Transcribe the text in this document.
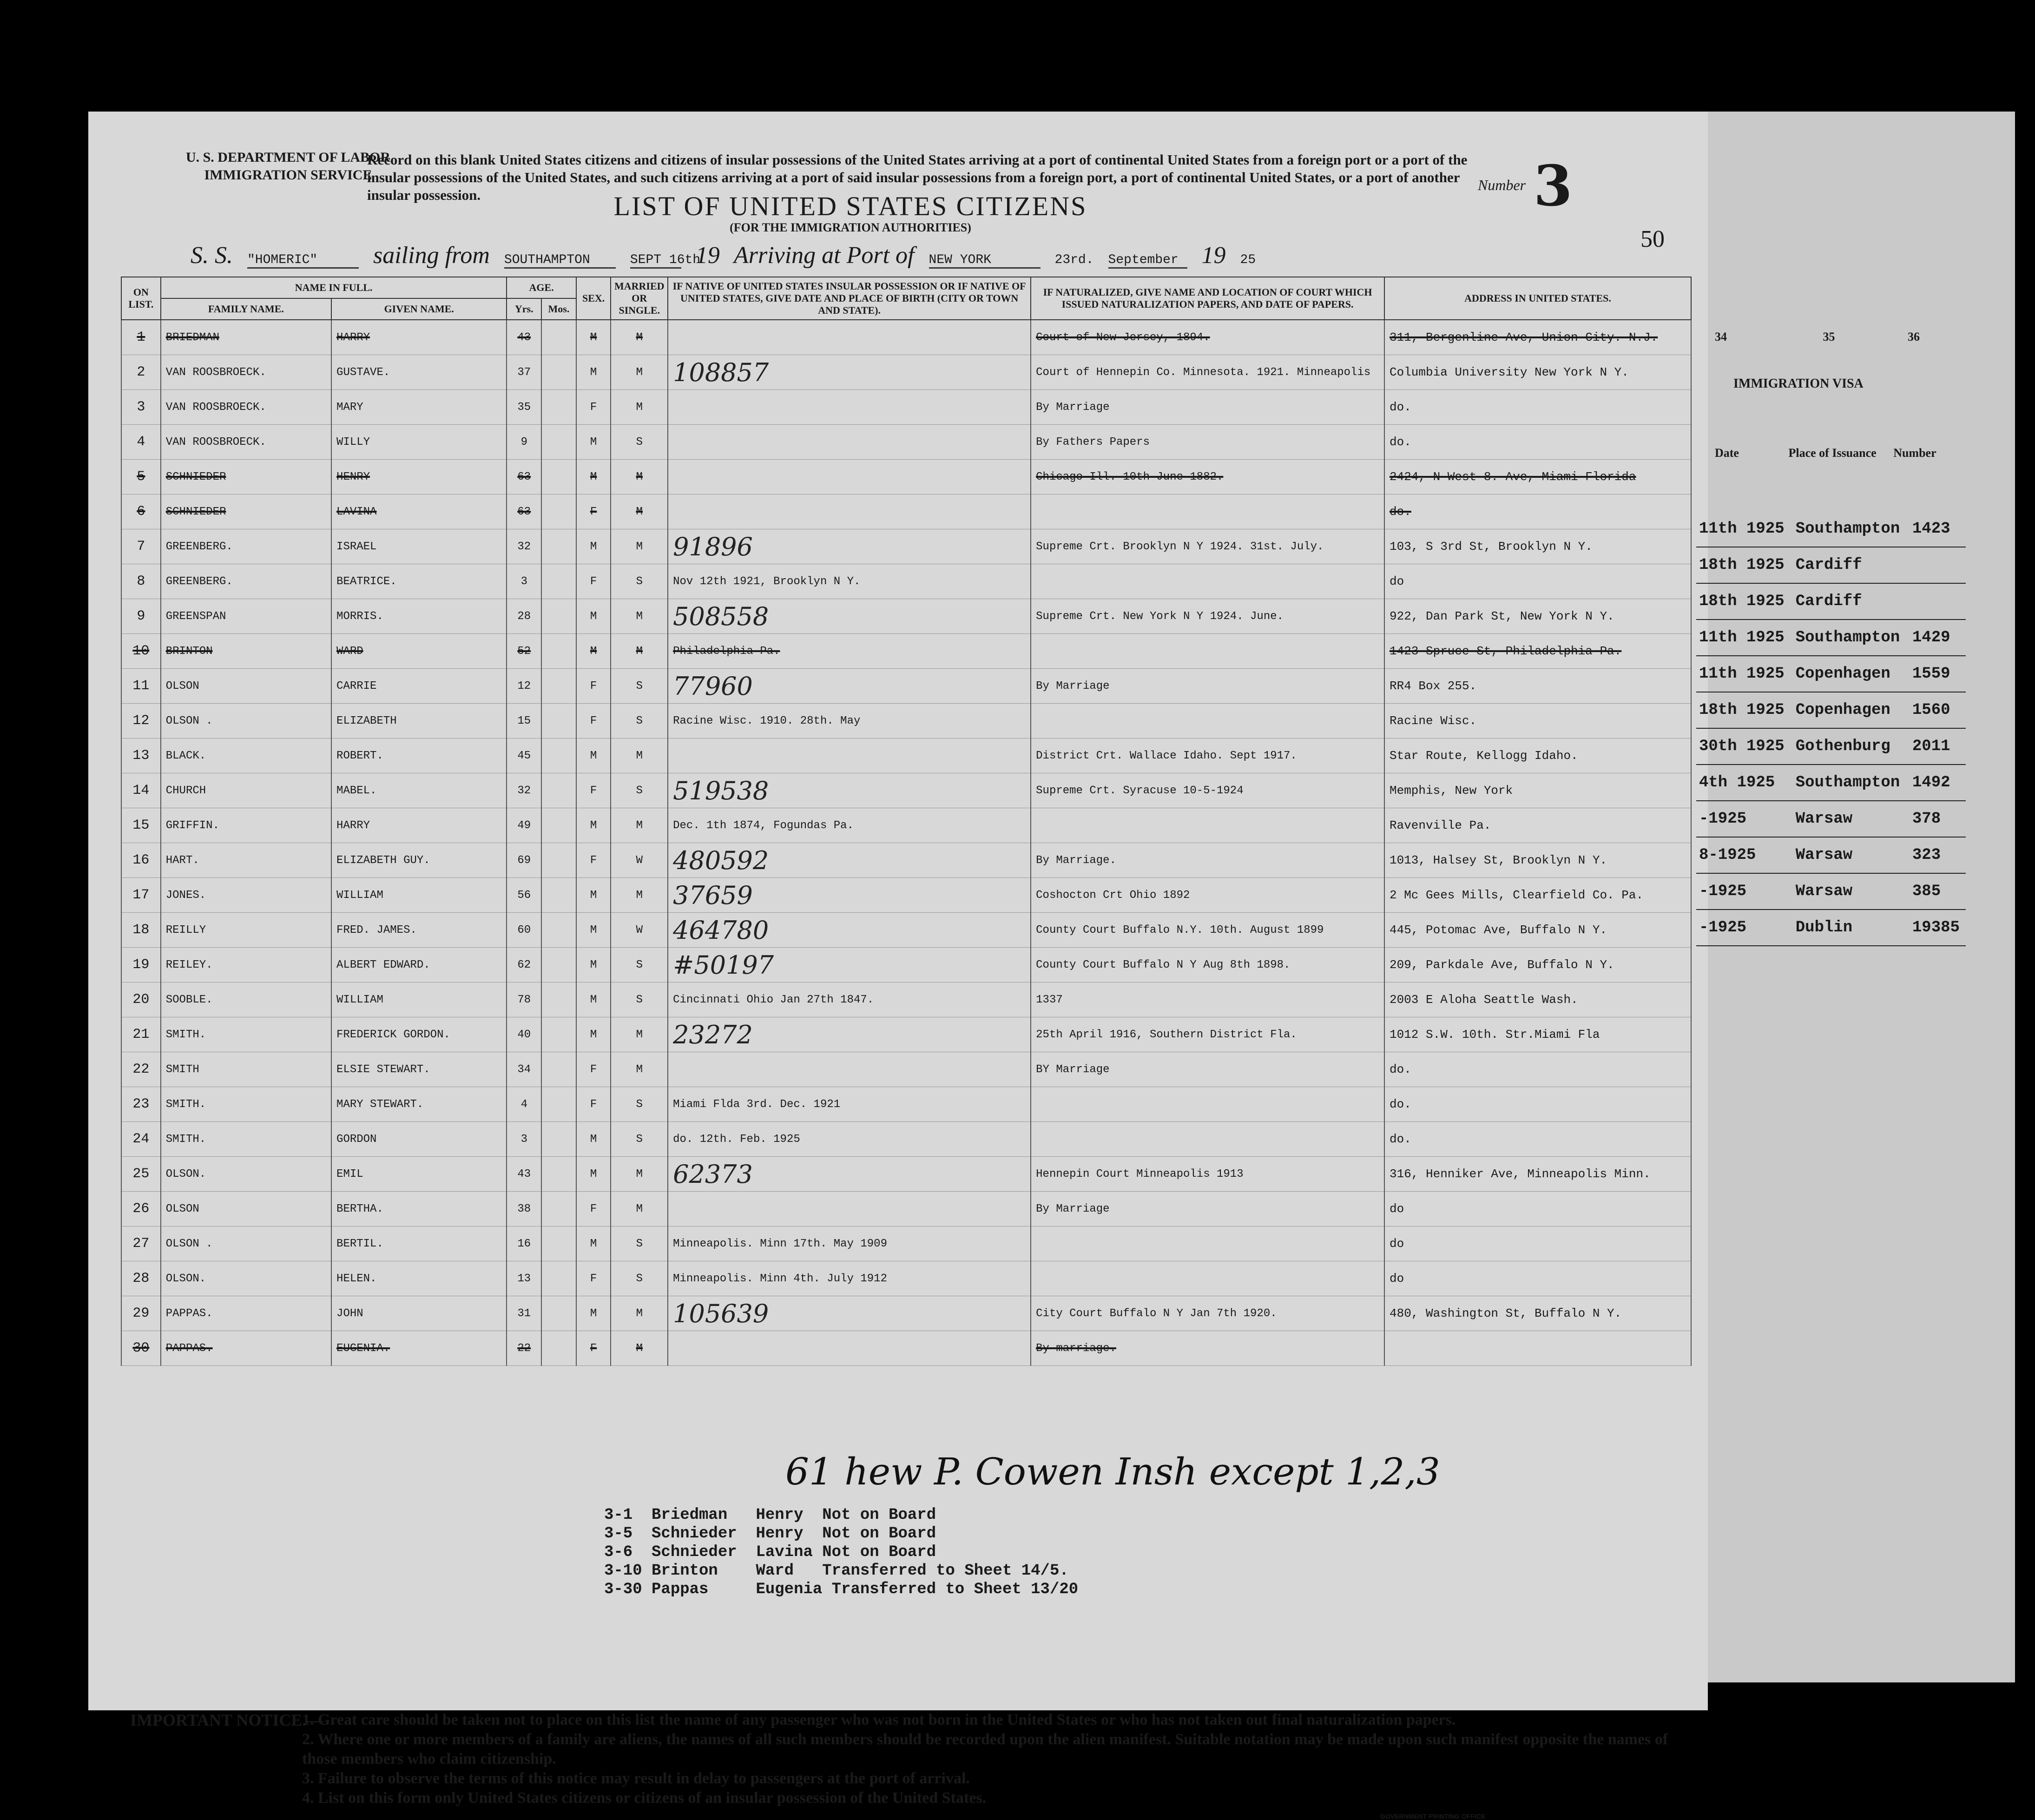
U. S. DEPARTMENT OF LABOR
IMMIGRATION SERVICE
Record on this blank United States citizens and citizens of insular possessions of the United States arriving at a port of continental United States from a foreign port or a port of the insular possessions of the United States, and such citizens arriving at a port of said insular possessions from a foreign port, a port of continental United States, or a port of another insular possession.
Number 3
50
LIST OF UNITED STATES CITIZENS
(FOR THE IMMIGRATION AUTHORITIES)
S. S. "HOMERIC" sailing from SOUTHAMPTON	SEPT 16th 19 Arriving at Port of NEW YORK	23rd. September 19 25
ON LIST.	NAME IN FULL.		AGE.		SEX.	MARRIED OR SINGLE.	IF NATIVE OF UNITED STATES INSULAR POSSESSION OR IF NATIVE OF UNITED STATES, GIVE DATE AND PLACE OF BIRTH (CITY OR TOWN AND STATE).	IF NATURALIZED, GIVE NAME AND LOCATION OF COURT WHICH ISSUED NATURALIZATION PAPERS, AND DATE OF PAPERS.	ADDRESS IN UNITED STATES.
	FAMILY NAME.	GIVEN NAME.	Yrs.	Mos.					
1	BRIEDMAN	HARRY	43		M	M		Court of New Jersey, 1894.	311, Bergenline Ave, Union City. N.J.
2	VAN ROOSBROECK.	GUSTAVE.	37		M	M	108857	Court of Hennepin Co. Minnesota. 1921. Minneapolis	Columbia University New York N Y.
3	VAN ROOSBROECK.	MARY	35		F	M		By Marriage	do.
4	VAN ROOSBROECK.	WILLY	9		M	S		By Fathers Papers	do.
5	SCHNIEDER	HENRY	63		M	M		Chicago Ill. 10th June 1882.	2424, N West 8. Ave, Miami Florida
6	SCHNIEDER	LAVINA	63		F	M			do.
7	GREENBERG.	ISRAEL	32		M	M	91896	Supreme Crt. Brooklyn N Y 1924. 31st. July.	103, S 3rd St, Brooklyn N Y.
8	GREENBERG.	BEATRICE.	3		F	S	Nov 12th 1921, Brooklyn N Y.		do
9	GREENSPAN	MORRIS.	28		M	M	508558	Supreme Crt. New York N Y 1924. June.	922, Dan Park St, New York N Y.
10	BRINTON	WARD	52		M	M	Philadelphia Pa.		1423 Spruce St, Philadelphia Pa.
11	OLSON	CARRIE	12		F	S	77960	By Marriage	RR4 Box 255.
12	OLSON .	ELIZABETH	15		F	S	Racine Wisc. 1910. 28th. May		Racine Wisc.
13	BLACK.	ROBERT.	45		M	M		District Crt. Wallace Idaho. Sept 1917.	Star Route, Kellogg Idaho.
14	CHURCH	MABEL.	32		F	S	519538	Supreme Crt. Syracuse 10-5-1924	Memphis, New York
15	GRIFFIN.	HARRY	49		M	M	Dec. 1th 1874, Fogundas Pa.		Ravenville Pa.
16	HART.	ELIZABETH GUY.	69		F	W	480592	By Marriage.	1013, Halsey St, Brooklyn N Y.
17	JONES.	WILLIAM	56		M	M	37659	Coshocton Crt Ohio 1892	2 Mc Gees Mills, Clearfield Co. Pa.
18	REILLY	FRED. JAMES.	60		M	W	464780	County Court Buffalo N.Y. 10th. August 1899	445, Potomac Ave, Buffalo N Y.
19	REILEY.	ALBERT EDWARD.	62		M	S	#50197	County Court Buffalo N Y Aug 8th 1898.	209, Parkdale Ave, Buffalo N Y.
20	SOOBLE.	WILLIAM	78		M	S	Cincinnati Ohio Jan 27th 1847.	1337	2003 E Aloha Seattle Wash.
21	SMITH.	FREDERICK GORDON.	40		M	M	23272	25th April 1916, Southern District Fla.	1012 S.W. 10th. Str.Miami Fla
22	SMITH	ELSIE STEWART.	34		F	M		BY Marriage	do.
23	SMITH.	MARY STEWART.	4		F	S	Miami Flda 3rd. Dec. 1921		do.
24	SMITH.	GORDON	3		M	S	do. 12th. Feb. 1925		do.
25	OLSON.	EMIL	43		M	M	62373	Hennepin Court Minneapolis 1913	316, Henniker Ave, Minneapolis Minn.
26	OLSON	BERTHA.	38		F	M		By Marriage	do
27	OLSON .	BERTIL.	16		M	S	Minneapolis. Minn 17th. May 1909		do
28	OLSON.	HELEN.	13		F	S	Minneapolis. Minn 4th. July 1912		do
29	PAPPAS.	JOHN	31		M	M	105639	City Court Buffalo N Y Jan 7th 1920.	480, Washington St, Buffalo N Y.
30	PAPPAS.	EUGENIA.	22		F	M		By marriage.	
61 hew P. Cowen Insh except 1,2,3
3-1  Briedman   Henry  Not on Board
3-5  Schnieder  Henry  Not on Board
3-6  Schnieder  Lavina Not on Board
3-10 Brinton    Ward   Transferred to Sheet 14/5.
3-30 Pappas     Eugenia Transferred to Sheet 13/20
IMPORTANT NOTICE.—
1. Great care should be taken not to place on this list the name of any passenger who was not born in the United States or who has not taken out final naturalization papers.
2. Where one or more members of a family are aliens, the names of all such members should be recorded upon the alien manifest. Suitable notation may be made upon such manifest opposite the names of those members who claim citizenship.
3. Failure to observe the terms of this notice may result in delay to passengers at the port of arrival.
4. List on this form only United States citizens or citizens of an insular possession of the United States.
GOVERNMENT PRINTING OFFICE
34	35	36
IMMIGRATION VISA
Date	Place of Issuance Number
11th 1925	Southampton	1423
18th 1925	Cardiff	
18th 1925	Cardiff	
11th 1925	Southampton	1429
11th 1925	Copenhagen	1559
18th 1925	Copenhagen	1560
30th 1925	Gothenburg	2011
4th 1925	Southampton	1492
-1925	Warsaw	378
8-1925	Warsaw	323
-1925	Warsaw	385
-1925	Dublin	19385
